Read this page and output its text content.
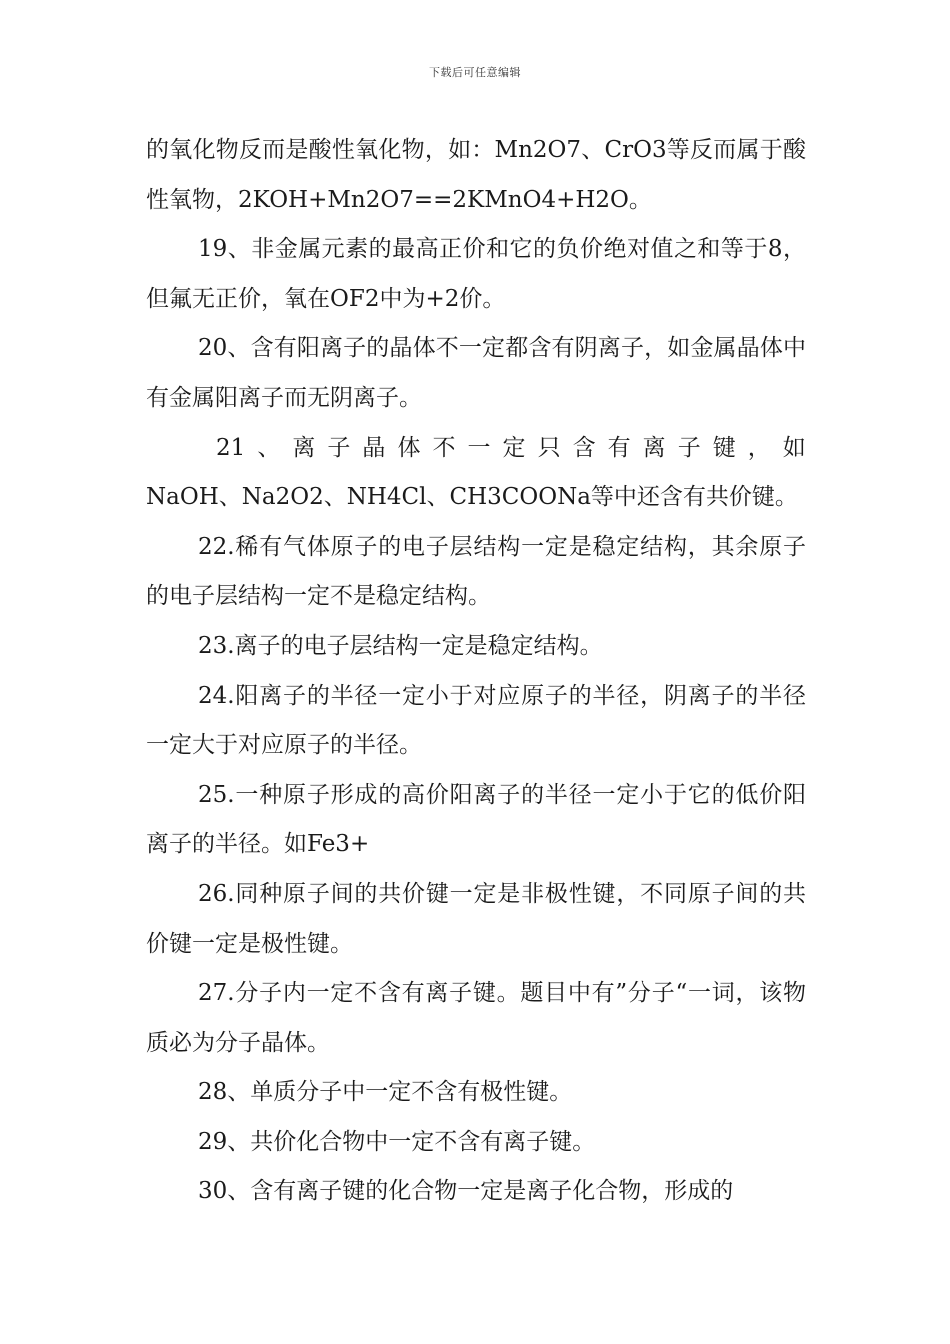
下载后可任意编辑

的氧化物反而是酸性氧化物，如：Mn2O7、CrO3等反而属于酸性氧物，2KOH+Mn2O7==2KMnO4+H2O。

19、非金属元素的最高正价和它的负价绝对值之和等于8，但氟无正价，氧在OF2中为+2价。

20、含有阳离子的晶体不一定都含有阴离子，如金属晶体中有金属阳离子而无阴离子。

21 、 离 子 晶 体 不 一 定 只 含 有 离 子 键 ， 如

NaOH、Na2O2、NH4Cl、CH3COONa等中还含有共价键。

22.稀有气体原子的电子层结构一定是稳定结构，其余原子的电子层结构一定不是稳定结构。

23.离子的电子层结构一定是稳定结构。

24.阳离子的半径一定小于对应原子的半径，阴离子的半径一定大于对应原子的半径。

25.一种原子形成的高价阳离子的半径一定小于它的低价阳离子的半径。如Fe3+

26.同种原子间的共价键一定是非极性键，不同原子间的共价键一定是极性键。

27.分子内一定不含有离子键。题目中有”分子“一词，该物质必为分子晶体。

28、单质分子中一定不含有极性键。

29、共价化合物中一定不含有离子键。

30、含有离子键的化合物一定是离子化合物，形成的
